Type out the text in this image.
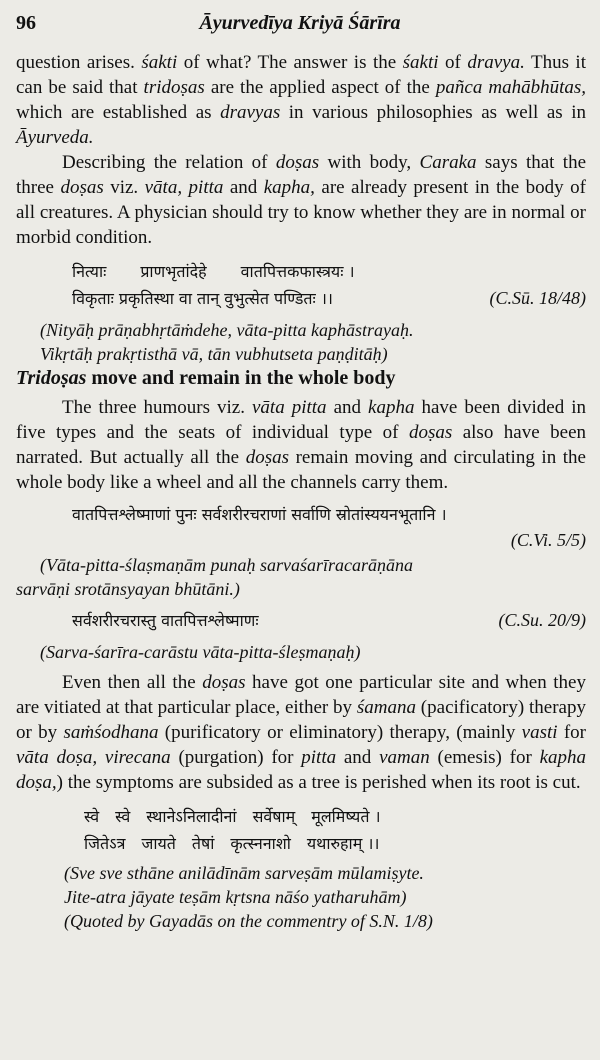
96	Āyurvedīya Kriyā Śārīra

question arises. śakti of what? The answer is the śakti of dravya. Thus it can be said that tridoṣas are the applied aspect of the pañca mahābhūtas, which are established as dravyas in various philosophies as well as in Āyurveda.

Describing the relation of doṣas with body, Caraka says that the three doṣas viz. vāta, pitta and kapha, are already present in the body of all creatures. A physician should try to know whether they are in normal or morbid condition.

नित्याः प्राणभृतांदेहे वातपित्तकफास्त्रयः ।
विकृताः प्रकृतिस्था वा तान् वुभुत्सेत पण्डितः ।।	(C.Sū. 18/48)

(Nityāḥ prāṇabhṛtāṁdehe, vāta-pitta kaphāstrayaḥ.

Vikṛtāḥ prakṛtisthā vā, tān vubhutseta paṇḍitāḥ)

Tridoṣas move and remain in the whole body

The three humours viz. vāta pitta and kapha have been divided in five types and the seats of individual type of doṣas also have been narrated. But actually all the doṣas remain moving and circulating in the whole body like a wheel and all the channels carry them.

वातपित्तश्लेष्माणां पुनः सर्वशरीरचराणां सर्वाणि स्रोतांस्ययनभूतानि ।

(C.Vi. 5/5)

(Vāta-pitta-ślaṣmaṇām punaḥ sarvaśarīracarāṇāna

sarvāṇi srotānsyayan bhūtāni.)

सर्वशरीरचरास्तु वातपित्तश्लेष्माणः	(C.Su. 20/9)

(Sarva-śarīra-carāstu vāta-pitta-śleṣmaṇaḥ)

Even then all the doṣas have got one particular site and when they are vitiated at that particular place, either by śamana (pacificatory) therapy or by saṁśodhana (purificatory or eliminatory) therapy, (mainly vasti for vāta doṣa, virecana (purgation) for pitta and vaman (emesis) for kapha doṣa,) the symptoms are subsided as a tree is perished when its root is cut.

स्वे स्वे स्थानेऽनिलादीनां सर्वेषाम् मूलमिष्यते ।
जितेऽत्र जायते तेषां कृत्स्ननाशो यथारुहाम् ।।

(Sve sve sthāne anilādīnām sarveṣām mūlamiṣyte.

Jite-atra jāyate teṣām kṛtsna nāśo yatharuhām)

(Quoted by Gayadās on the commentry of S.N. 1/8)
